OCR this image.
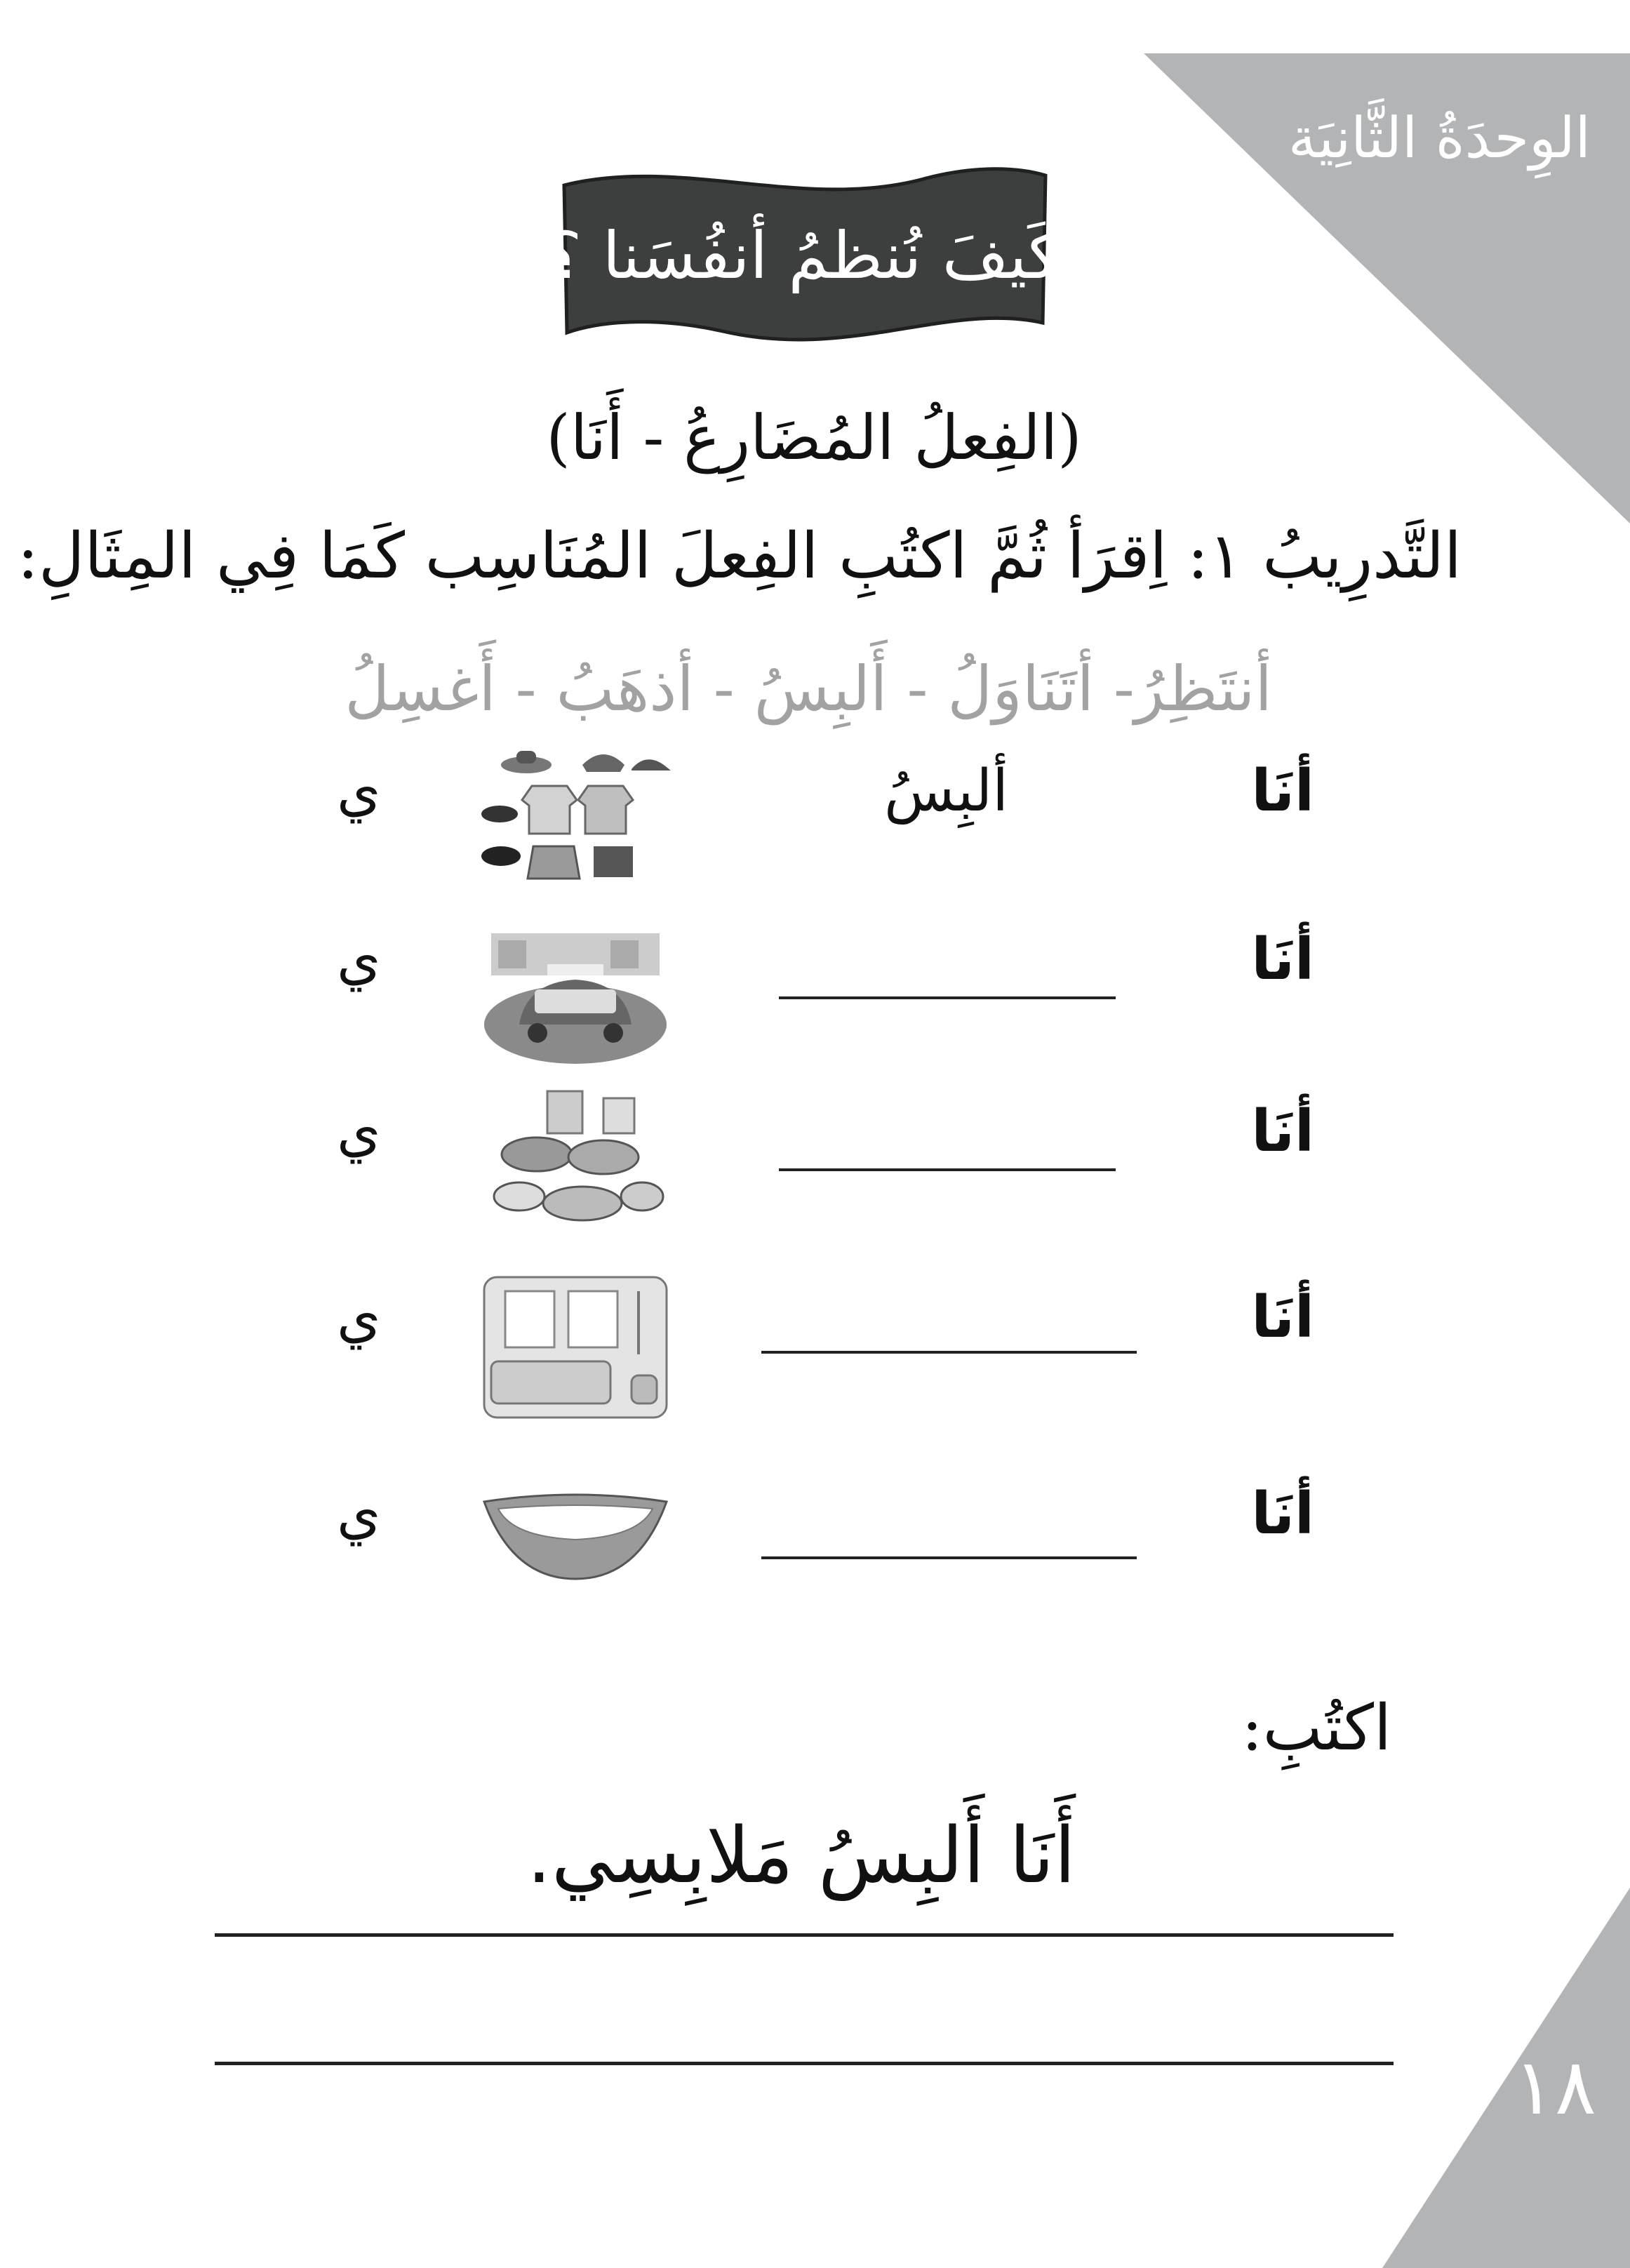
الوِحدَةُ الثَّانِيَة
كَيفَ نُنظمُ أنفُسَنا ؟
(الفِعلُ المُضَارِعُ - أَنَا)
التَّدرِيبُ ١: اِقرَأ ثُمَّ اكتُبِ الفِعلَ المُنَاسِب كَمَا فِي المِثَالِ:
أنتَظِرُ- أتَنَاوَلُ - أَلبِسُ - أذهَبُ - أَغسِلُ
أنَا
ألبِسُ
ي
أنَا
ي
أنَا
ي
أنَا
ي
أنَا
ي
اكتُبِ:
أَنَا أَلبِسُ مَلابِسِي.
١٨
